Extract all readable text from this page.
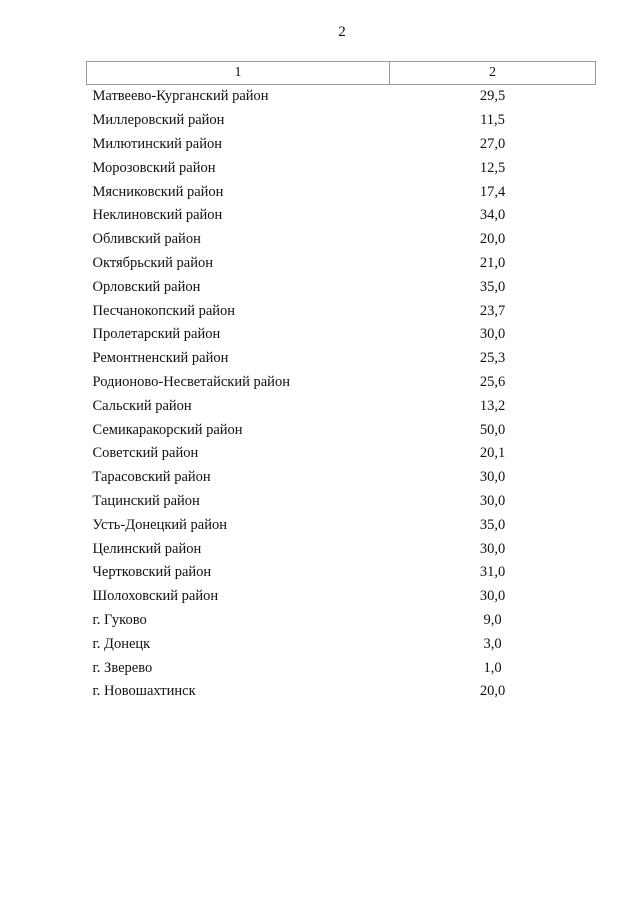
2
1	2
Матвеево-Курганский район	29,5
Миллеровский район	11,5
Милютинский район	27,0
Морозовский район	12,5
Мясниковский район	17,4
Неклиновский район	34,0
Обливский район	20,0
Октябрьский район	21,0
Орловский район	35,0
Песчанокопский район	23,7
Пролетарский район	30,0
Ремонтненский район	25,3
Родионово-Несветайский район	25,6
Сальский район	13,2
Семикаракорский район	50,0
Советский район	20,1
Тарасовский район	30,0
Тацинский район	30,0
Усть-Донецкий район	35,0
Целинский район	30,0
Чертковский район	31,0
Шолоховский район	30,0
г. Гуково	9,0
г. Донецк	3,0
г. Зверево	1,0
г. Новошахтинск	20,0
